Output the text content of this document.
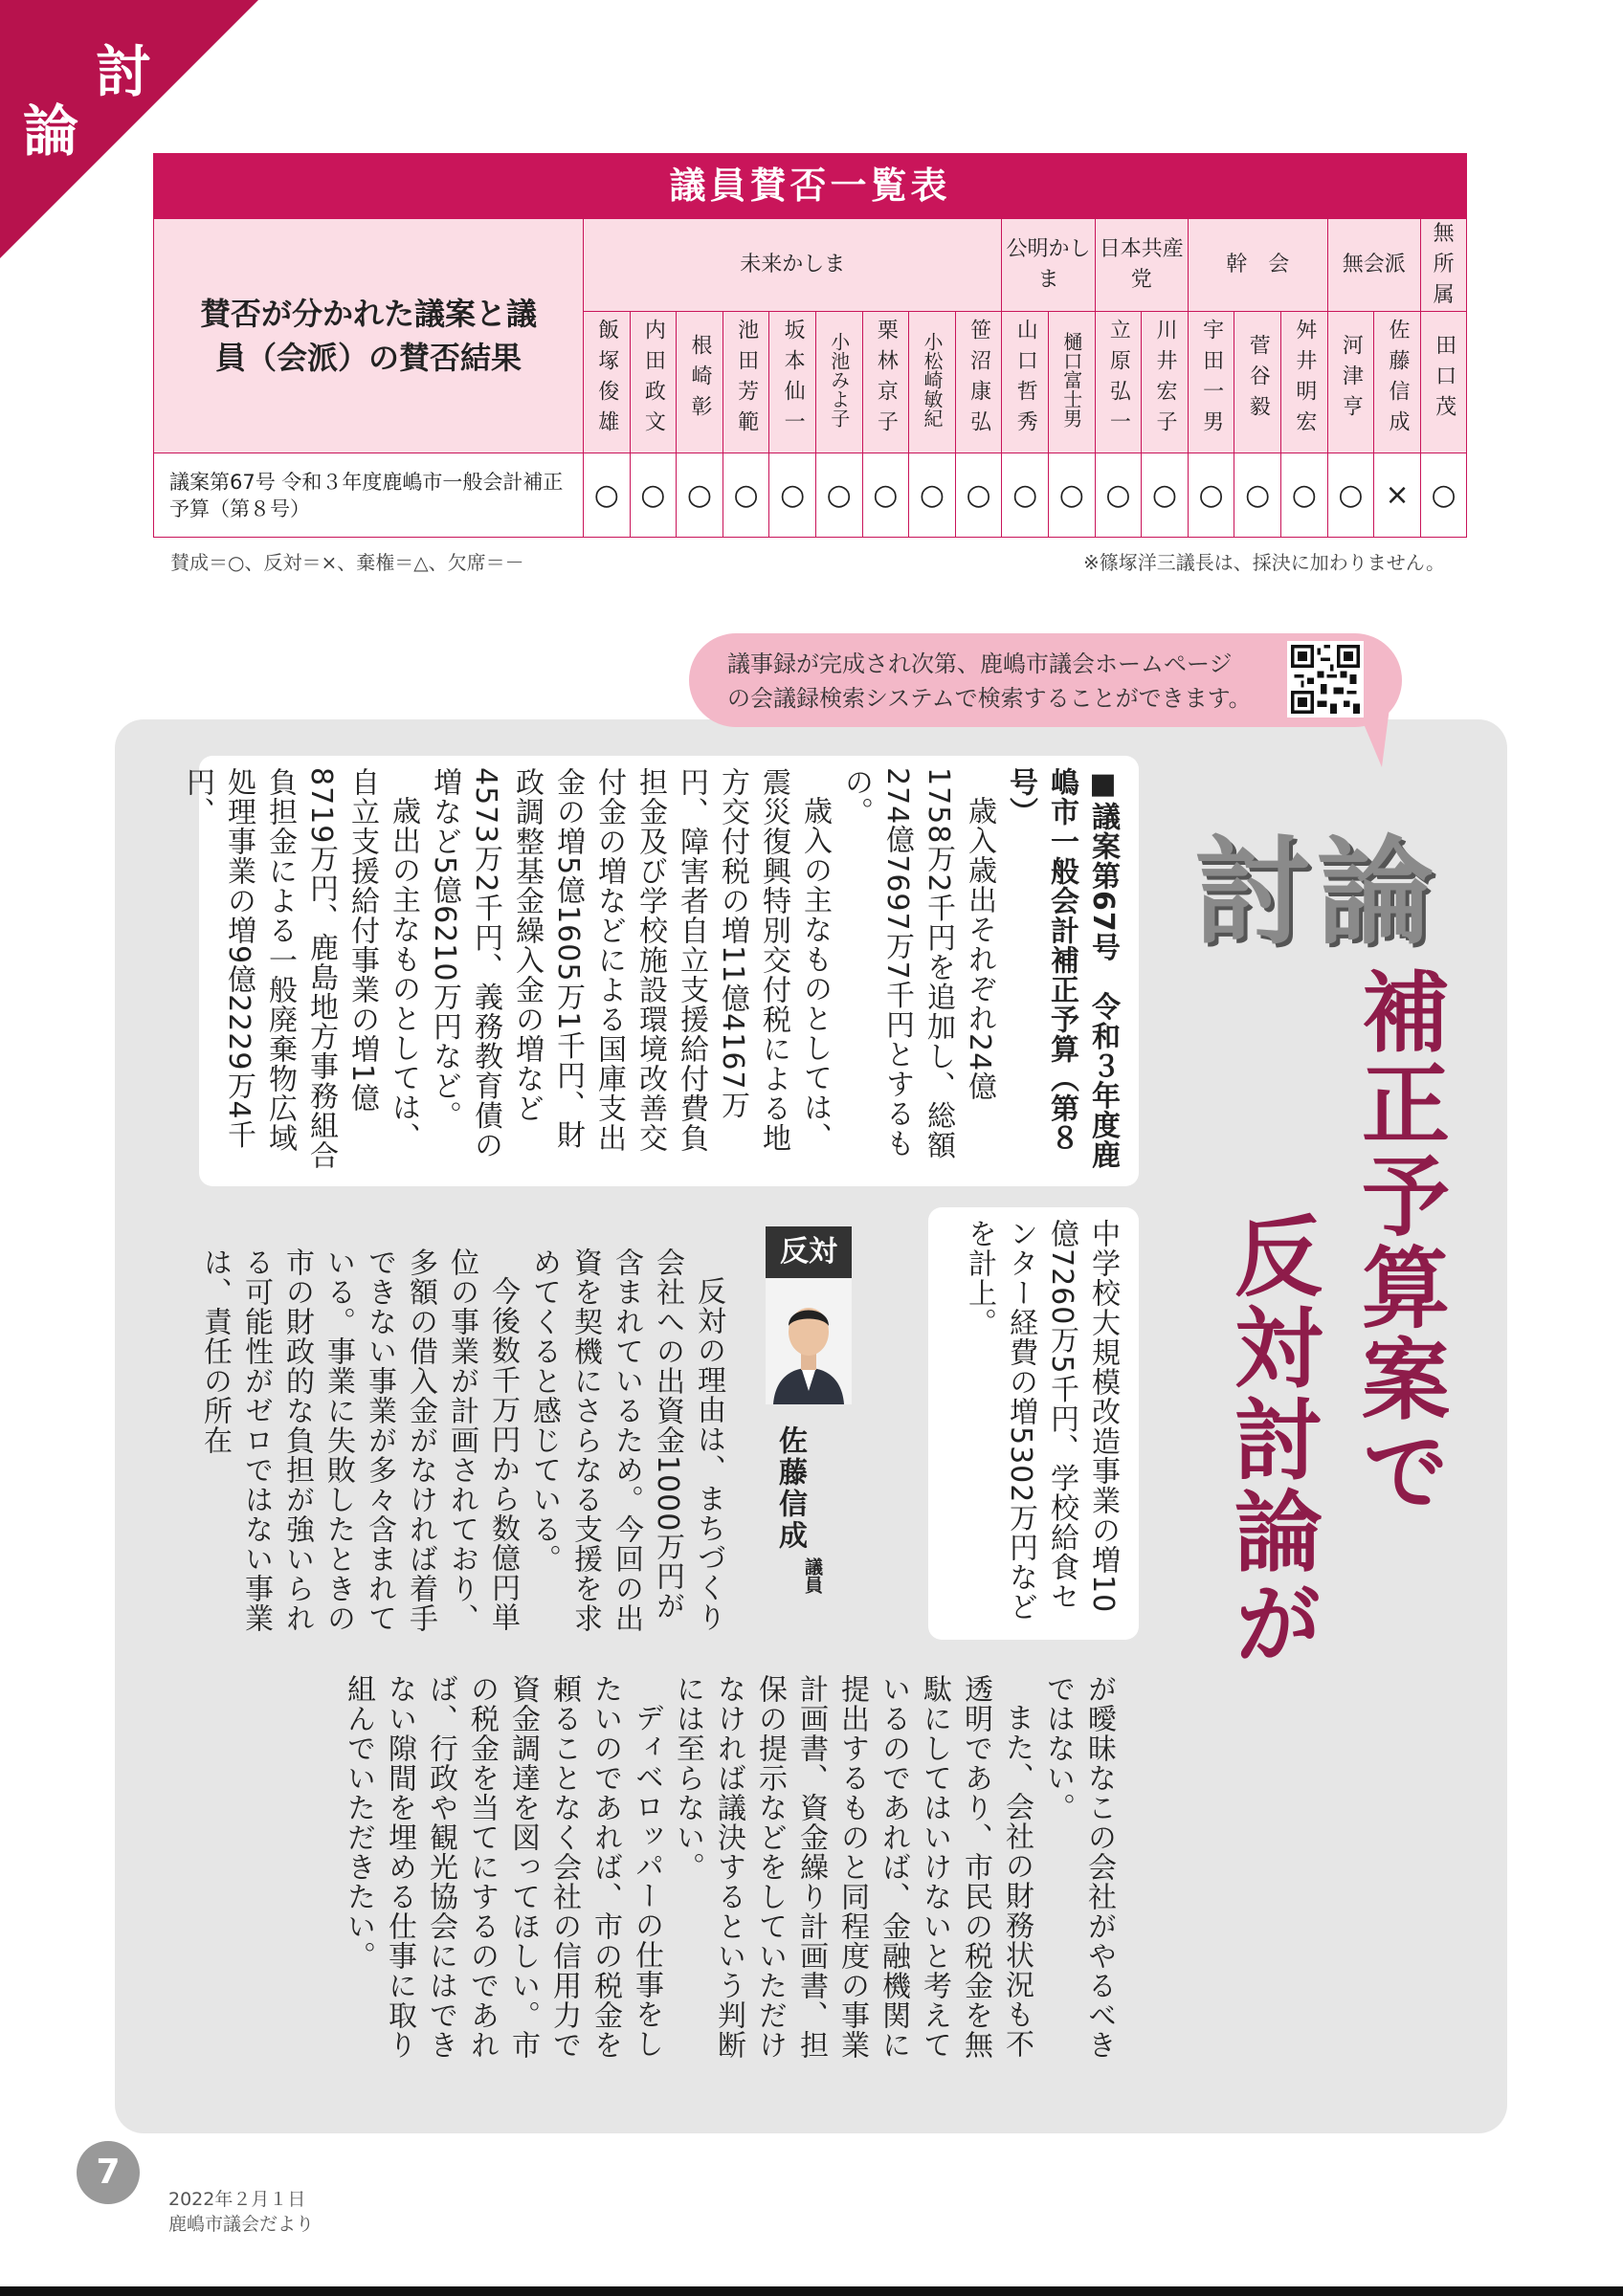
討
論
議員賛否一覧表
賛否が分かれた議案と議員（会派）の賛否結果	未来かしま									公明かしま		日本共産党		幹　会			無会派		無所属
	飯塚俊雄	内田政文	根崎彰	池田芳範	坂本仙一	小池みよ子	栗林京子	小松崎敏紀	笹沼康弘	山口哲秀	樋口富士男	立原弘一	川井宏子	宇田一男	菅谷毅	舛井明宏	河津亨	佐藤信成	田口茂
議案第67号 令和３年度鹿嶋市一般会計補正予算（第８号）	○	○	○	○	○	○	○	○	○	○	○	○	○	○	○	○	○	×	○
賛成＝○、反対＝×、棄権＝△、欠席＝－	※篠塚洋三議長は、採決に加わりません。
議事録が完成され次第、鹿嶋市議会ホームページ
の会議録検索システムで検索することができます。
討論
補正予算案で
反対討論が

■議案第67号　令和３年度鹿嶋市一般会計補正予算（第８号）

歳入歳出それぞれ24億1758万2千円を追加し、総額274億7697万7千円とするもの。

歳入の主なものとしては、震災復興特別交付税による地方交付税の増11億4167万円、障害者自立支援給付費負担金及び学校施設環境改善交付金の増などによる国庫支出金の増5億1605万1千円、財政調整基金繰入金の増など4573万2千円、義務教育債の増など5億6210万円など。

歳出の主なものとしては、自立支援給付事業の増1億8719万円、鹿島地方事務組合負担金による一般廃棄物広域処理事業の増9億2229万4千円、

中学校大規模改造事業の増10億7260万5千円、学校給食センター経費の増5302万円などを計上。

反対
佐藤信成
議員

反対の理由は、まちづくり会社への出資金1000万円が含まれているため。今回の出資を契機にさらなる支援を求めてくると感じている。

今後数千万円から数億円単位の事業が計画されており、多額の借入金がなければ着手できない事業が多々含まれている。事業に失敗したときの市の財政的な負担が強いられる可能性がゼロではない事業は、責任の所在

が曖昧なこの会社がやるべきではない。

また、会社の財務状況も不透明であり、市民の税金を無駄にしてはいけないと考えているのであれば、金融機関に提出するものと同程度の事業計画書、資金繰り計画書、担保の提示などをしていただけなければ議決するという判断には至らない。

ディベロッパーの仕事をしたいのであれば、市の税金を頼ることなく会社の信用力で資金調達を図ってほしい。市の税金を当てにするのであれば、行政や観光協会にはできない隙間を埋める仕事に取り組んでいただきたい。

7
2022年２月１日
鹿嶋市議会だより
